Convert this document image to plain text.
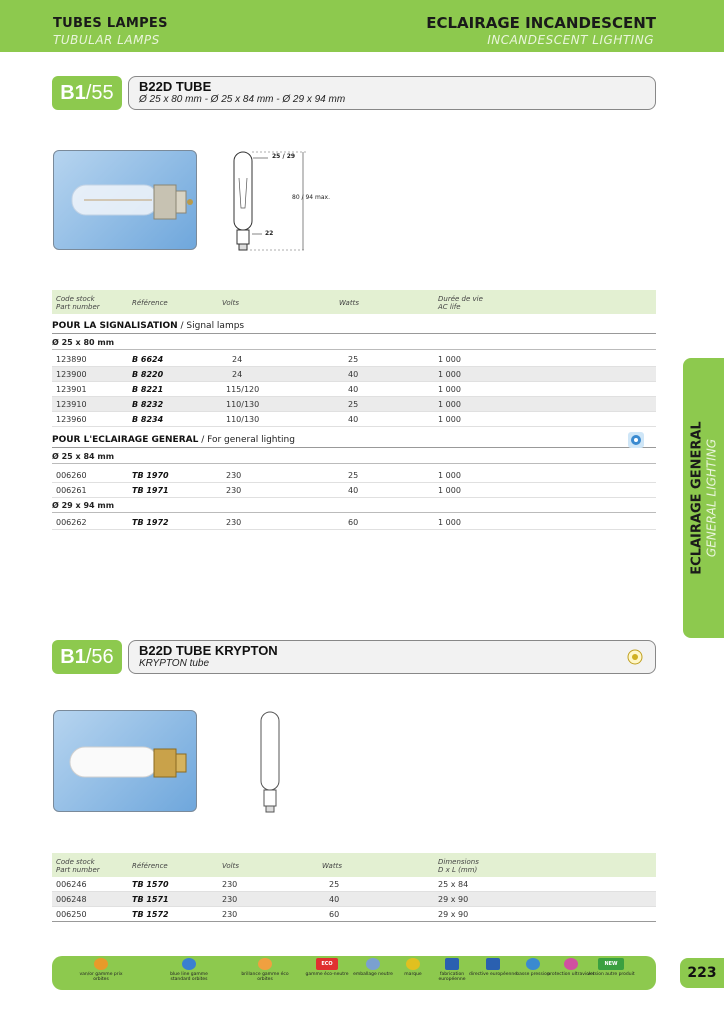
TUBES LAMPES
TUBULAR LAMPS
ECLAIRAGE INCANDESCENT
INCANDESCENT LIGHTING
B1/55	B22D TUBE
Ø 25 x 80 mm - Ø 25 x 84 mm - Ø 29 x 94 mm
25 / 29
80 / 94 max.
22
Code stock
Part number	Référence	Volts	Watts	Durée de vie
AC life
POUR LA SIGNALISATION / Signal lamps
Ø 25 x 80 mm
123890	B 6624	24	25	1 000
123900	B 8220	24	40	1 000
123901	B 8221	115/120	40	1 000
123910	B 8232	110/130	25	1 000
123960	B 8234	110/130	40	1 000
POUR L'ECLAIRAGE GENERAL / For general lighting
Ø 25 x 84 mm
006260	TB 1970	230	25	1 000
006261	TB 1971	230	40	1 000
Ø 29 x 94 mm
006262	TB 1972	230	60	1 000	ECLAIRAGE GENERAL GENERAL LIGHTING
B1/56	B22D TUBE KRYPTON
KRYPTON tube
Code stock
Part number	Référence	Volts	Watts	Dimensions
D x L (mm)
006246	TB 1570	230	25	25 x 84
006248	TB 1571	230	40	29 x 90
006250	TB 1572	230	60	29 x 90
van/or gamme prix orbites
blue line gamme standard orbites
brillance gamme éco orbites
ECO
gamme éco-neutre	emballage neutre	marque	fabrication européenne
directive européenne basse pression
protection ultraviolet
NEW
version autre produit	223
